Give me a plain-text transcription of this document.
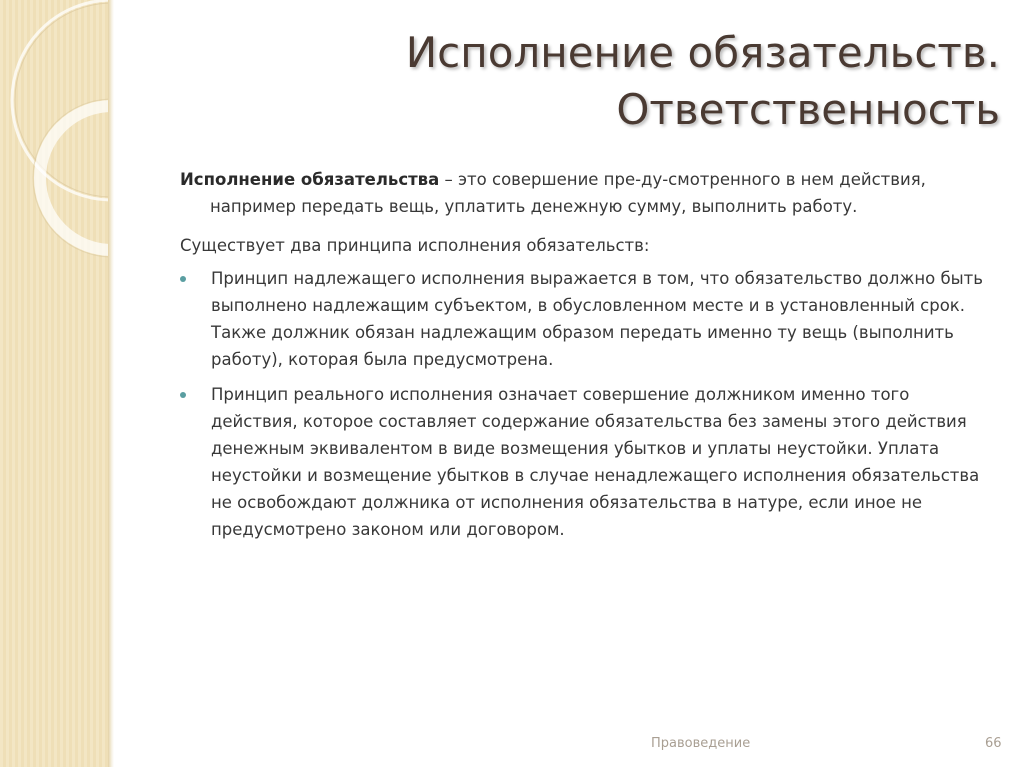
Исполнение обязательств.
Ответственность

Исполнение обязательства – это совершение пре-ду-смотренного в нем действия, например передать вещь, уплатить денежную сумму, выполнить работу.

Существует два принципа исполнения обязательств:

Принцип надлежащего исполнения выражается в том, что обязательство должно быть выполнено надлежащим субъектом, в обусловленном месте и в установленный срок. Также должник обязан надлежащим образом передать именно ту вещь (выполнить работу), которая была предусмотрена.
Принцип реального исполнения означает совершение должником именно того действия, которое составляет содержание обязательства без замены этого действия денежным эквивалентом в виде возмещения убытков и уплаты неустойки. Уплата неустойки и возмещение убытков в случае ненадлежащего исполнения обязательства не освобождают должника от исполнения обязательства в натуре, если иное не предусмотрено законом или договором.
Правоведение	66
